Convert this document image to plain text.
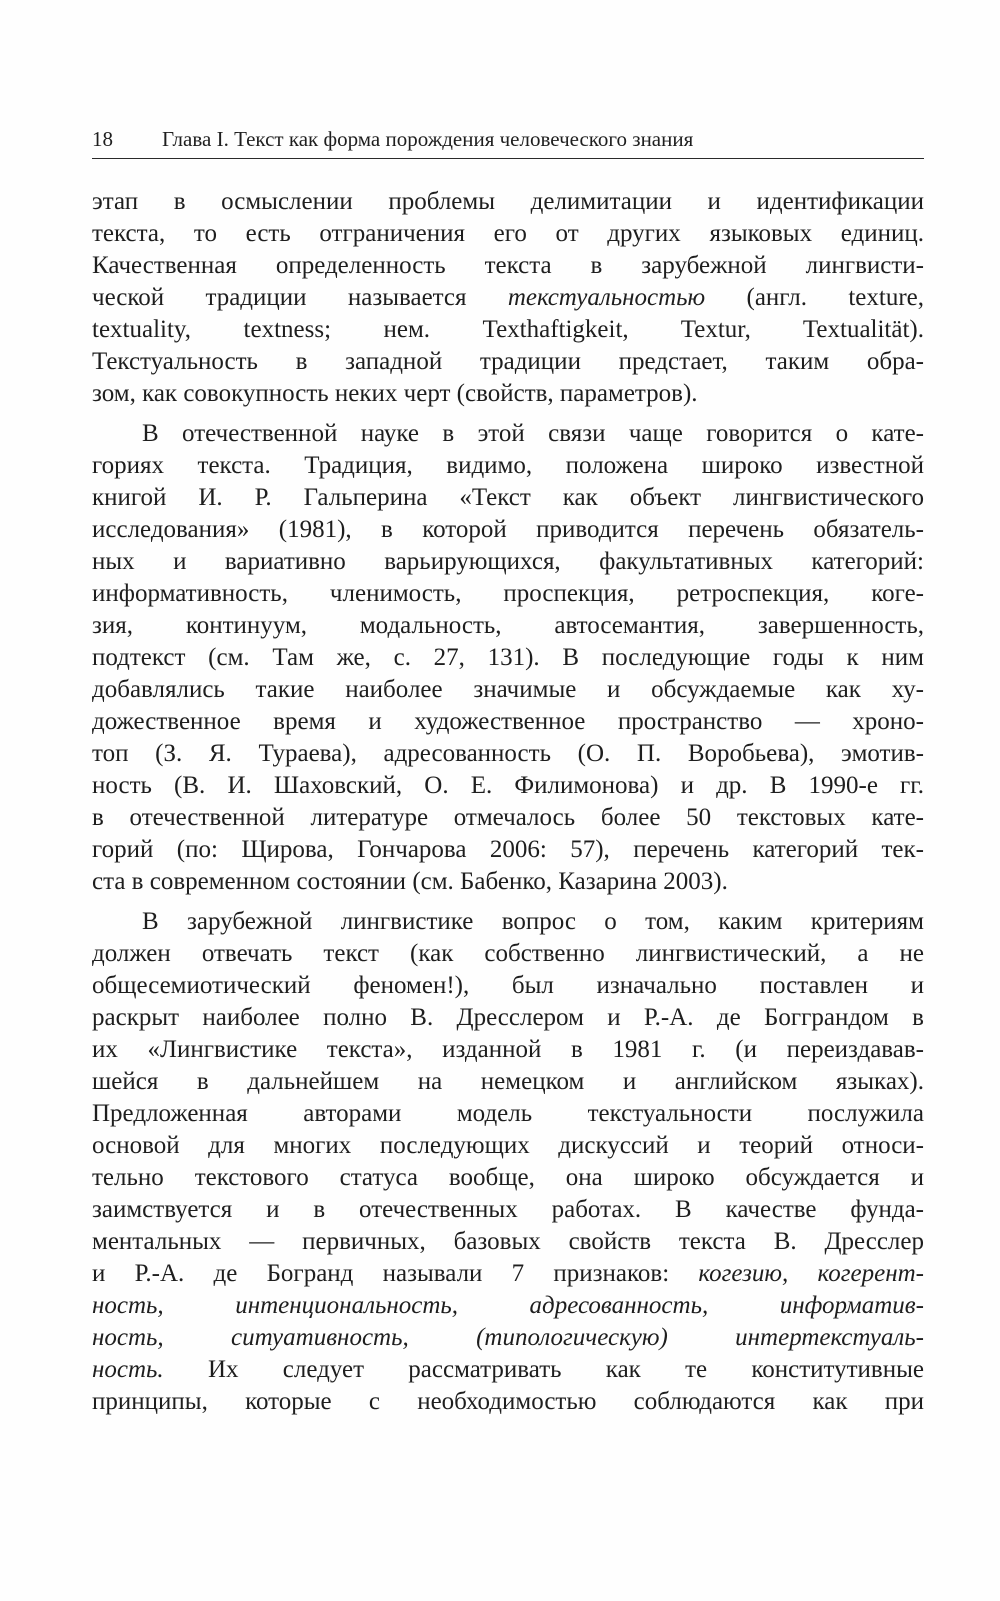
18 Глава I. Текст как форма порождения человеческого знания
этап в осмыслении проблемы делимитации и идентификации
текста, то есть отграничения его от других языковых единиц.
Качественная определенность текста в зарубежной лингвисти-
ческой традиции называется текстуальностью (англ. texture,
textuality, textness; нем. Texthaftigkeit, Textur, Textualität).
Текстуальность в западной традиции предстает, таким обра-
зом, как совокупность неких черт (свойств, параметров).
В отечественной науке в этой связи чаще говорится о кате-
гориях текста. Традиция, видимо, положена широко известной
книгой И. Р. Гальперина «Текст как объект лингвистического
исследования» (1981), в которой приводится перечень обязатель-
ных и вариативно варьирующихся, факультативных категорий:
информативность, членимость, проспекция, ретроспекция, коге-
зия, континуум, модальность, автосемантия, завершенность,
подтекст (см. Там же, с. 27, 131). В последующие годы к ним
добавлялись такие наиболее значимые и обсуждаемые как ху-
дожественное время и художественное пространство — хроно-
топ (З. Я. Тураева), адресованность (О. П. Воробьева), эмотив-
ность (В. И. Шаховский, О. Е. Филимонова) и др. В 1990-е гг.
в отечественной литературе отмечалось более 50 текстовых кате-
горий (по: Щирова, Гончарова 2006: 57), перечень категорий тек-
ста в современном состоянии (см. Бабенко, Казарина 2003).
В зарубежной лингвистике вопрос о том, каким критериям
должен отвечать текст (как собственно лингвистический, а не
общесемиотический феномен!), был изначально поставлен и
раскрыт наиболее полно В. Дресслером и Р.-А. де Богграндом в
их «Лингвистике текста», изданной в 1981 г. (и переиздавав-
шейся в дальнейшем на немецком и английском языках).
Предложенная авторами модель текстуальности послужила
основой для многих последующих дискуссий и теорий относи-
тельно текстового статуса вообще, она широко обсуждается и
заимствуется и в отечественных работах. В качестве фунда-
ментальных — первичных, базовых свойств текста В. Дресслер
и Р.-А. де Богранд называли 7 признаков: когезию, когерент-
ность, интенциональность, адресованность, информатив-
ность, ситуативность, (типологическую) интертекстуаль-
ность. Их следует рассматривать как те конститутивные
принципы, которые с необходимостью соблюдаются как при
